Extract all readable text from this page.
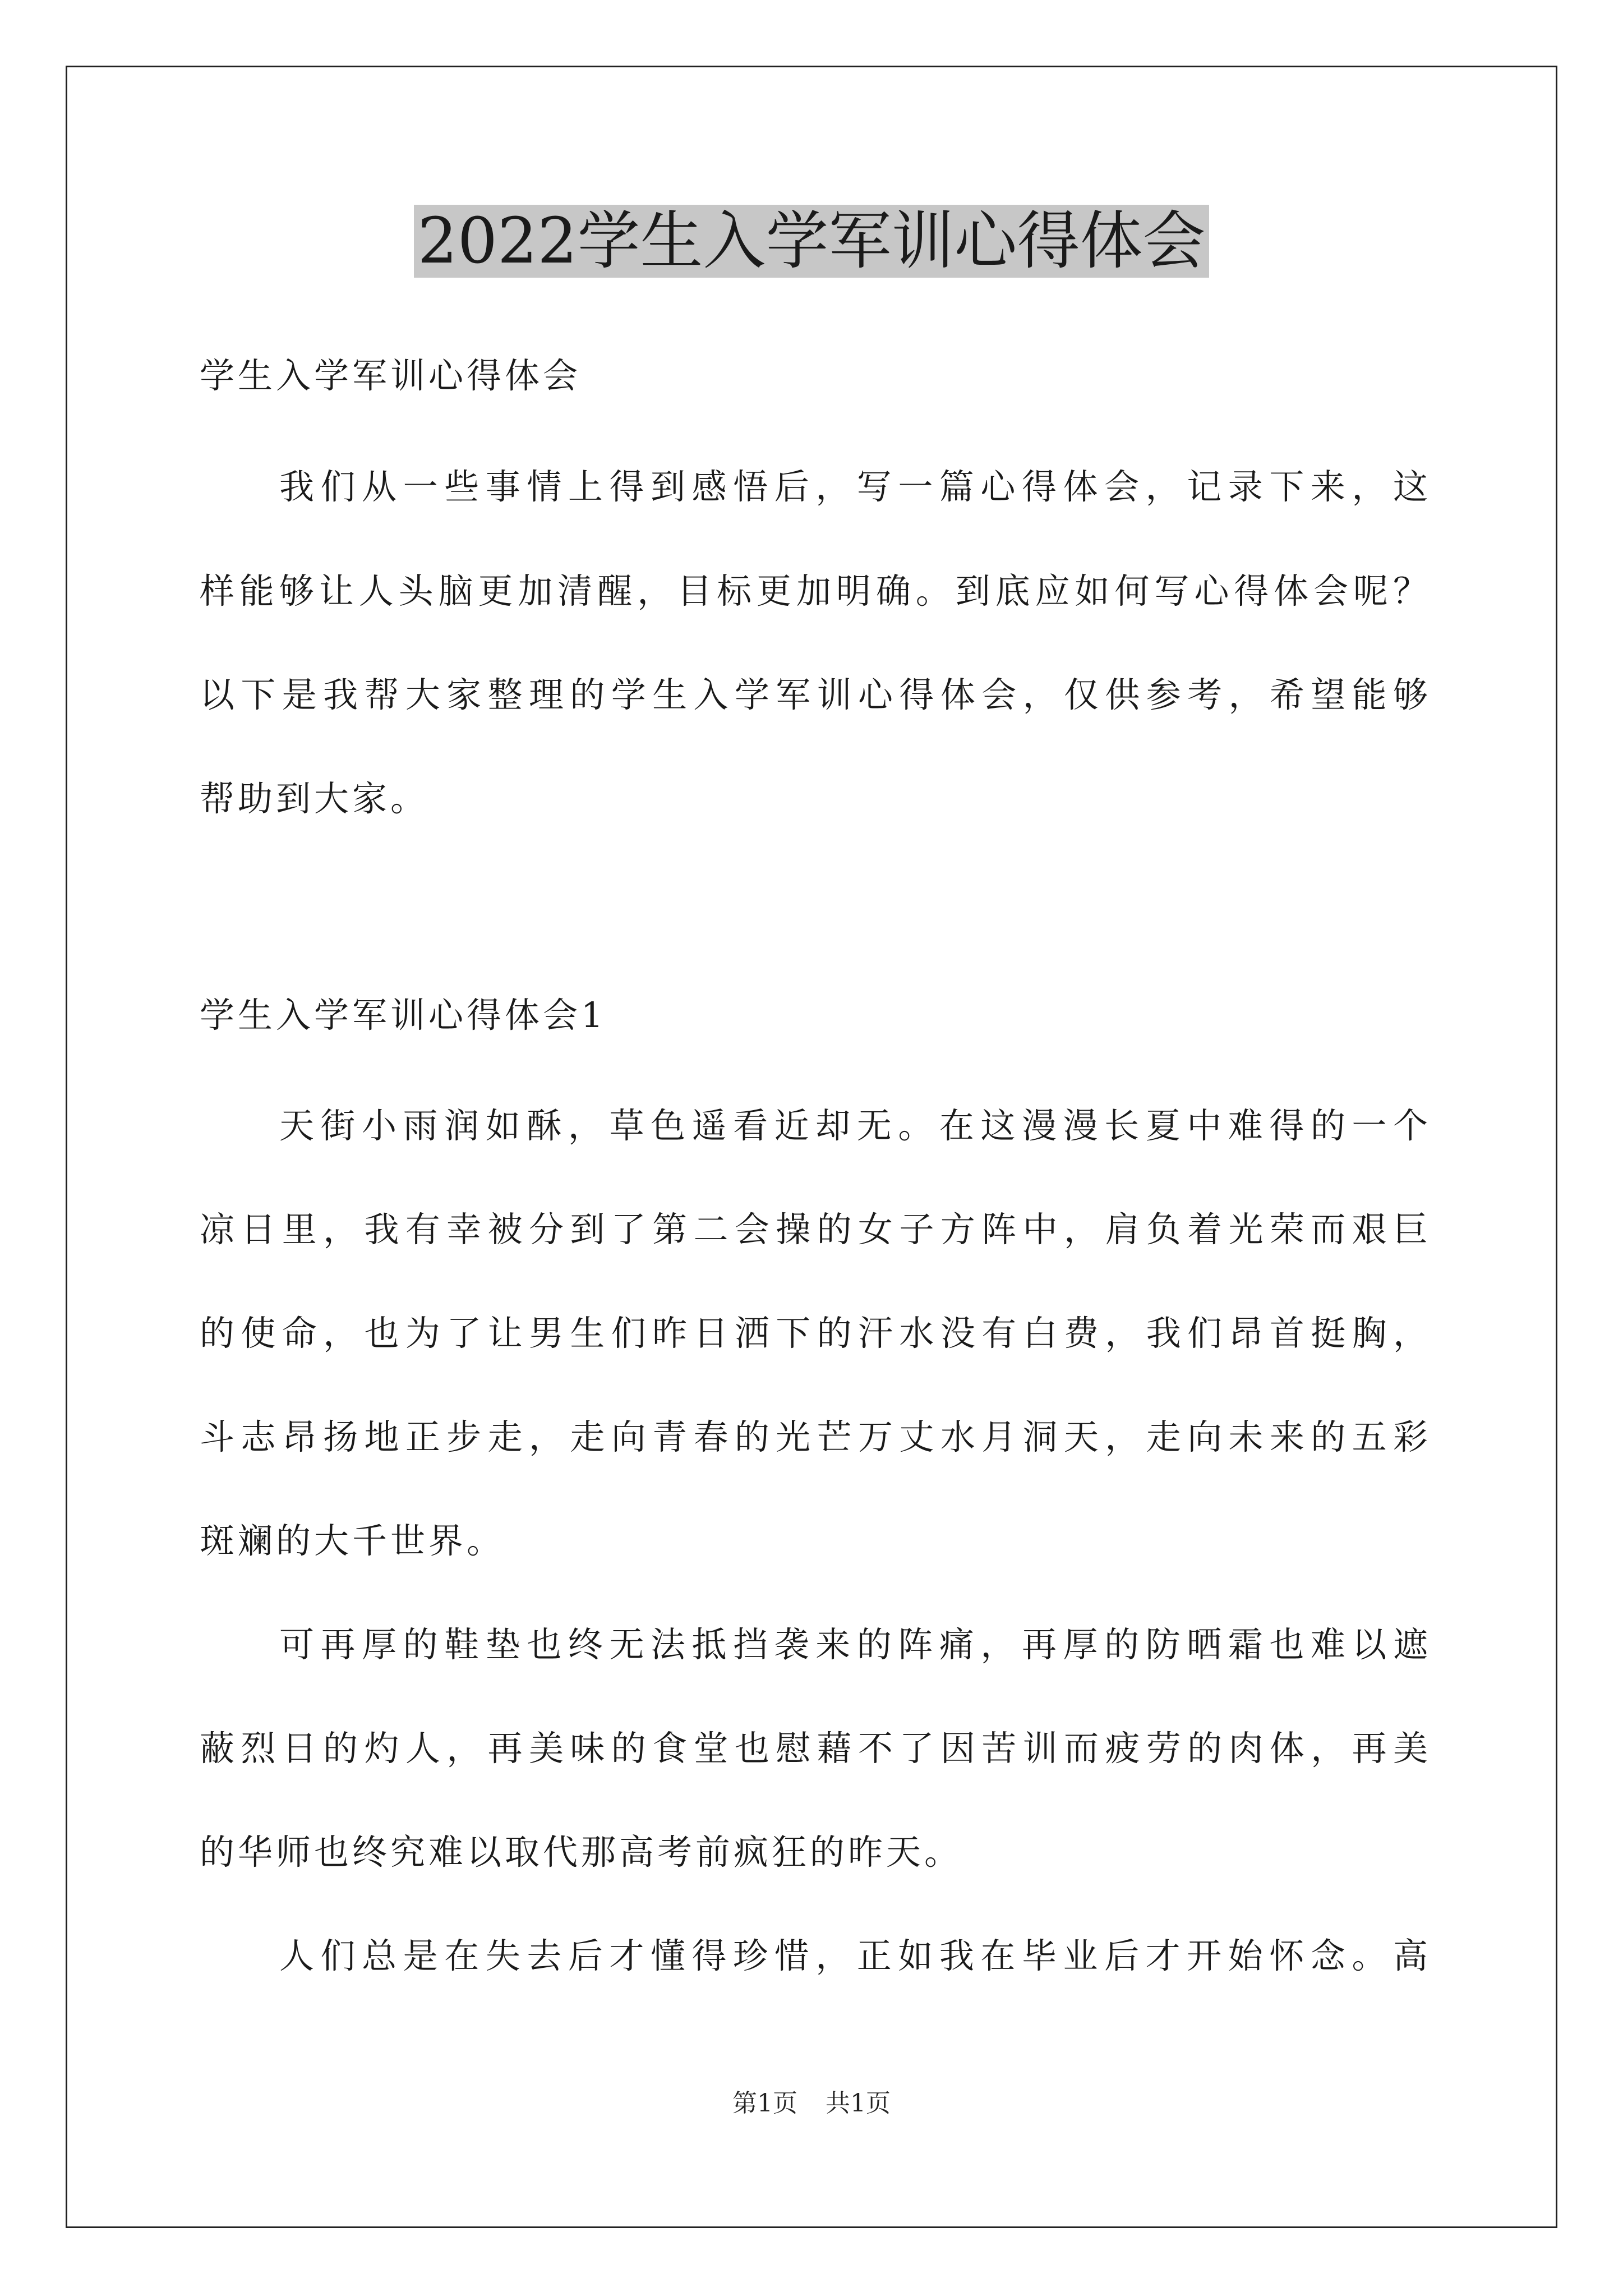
2022学生入学军训心得体会
学生入学军训心得体会
我们从一些事情上得到感悟后，写一篇心得体会，记录下来，这
样能够让人头脑更加清醒，目标更加明确。到底应如何写心得体会呢？
以下是我帮大家整理的学生入学军训心得体会，仅供参考，希望能够
帮助到大家。
学生入学军训心得体会1
天街小雨润如酥，草色遥看近却无。在这漫漫长夏中难得的一个
凉日里，我有幸被分到了第二会操的女子方阵中，肩负着光荣而艰巨
的使命，也为了让男生们昨日洒下的汗水没有白费，我们昂首挺胸，
斗志昂扬地正步走，走向青春的光芒万丈水月洞天，走向未来的五彩
斑斓的大千世界。
可再厚的鞋垫也终无法抵挡袭来的阵痛，再厚的防晒霜也难以遮
蔽烈日的灼人，再美味的食堂也慰藉不了因苦训而疲劳的肉体，再美
的华师也终究难以取代那高考前疯狂的昨天。
人们总是在失去后才懂得珍惜，正如我在毕业后才开始怀念。高
第1页 共1页
